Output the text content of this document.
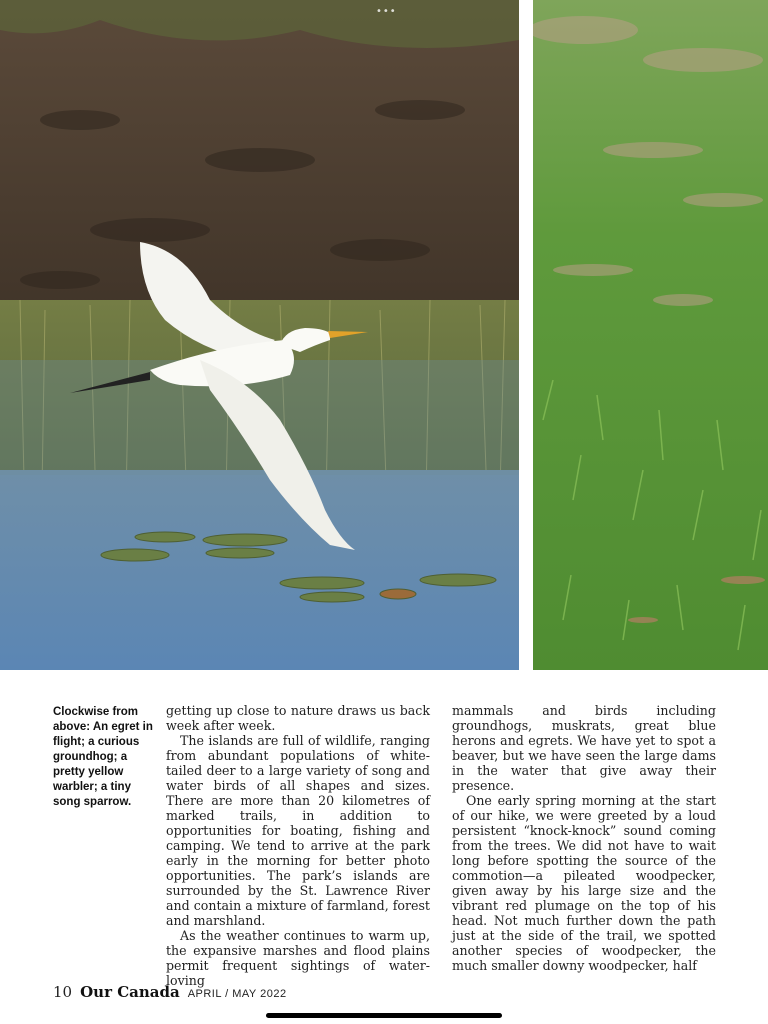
•••
Clockwise from above: An egret in flight; a curious groundhog; a pretty yellow warbler; a tiny song sparrow.

getting up close to nature draws us back week after week.

The islands are full of wildlife, ranging from abundant populations of white-tailed deer to a large variety of song and water birds of all shapes and sizes. There are more than 20 kilometres of marked trails, in addition to opportunities for boating, fishing and camping. We tend to arrive at the park early in the morning for better photo opportunities. The park’s islands are surrounded by the St. Lawrence River and contain a mixture of farmland, forest and marshland.

As the weather continues to warm up, the expansive marshes and flood plains permit frequent sightings of water-loving

mammals and birds including groundhogs, muskrats, great blue herons and egrets. We have yet to spot a beaver, but we have seen the large dams in the water that give away their presence.

One early spring morning at the start of our hike, we were greeted by a loud persistent “knock-knock” sound coming from the trees. We did not have to wait long before spotting the source of the commotion—a pileated woodpecker, given away by his large size and the vibrant red plumage on the top of his head. Not much further down the path just at the side of the trail, we spotted another species of woodpecker, the much smaller downy woodpecker, half

10 Our Canada APRIL / MAY 2022
